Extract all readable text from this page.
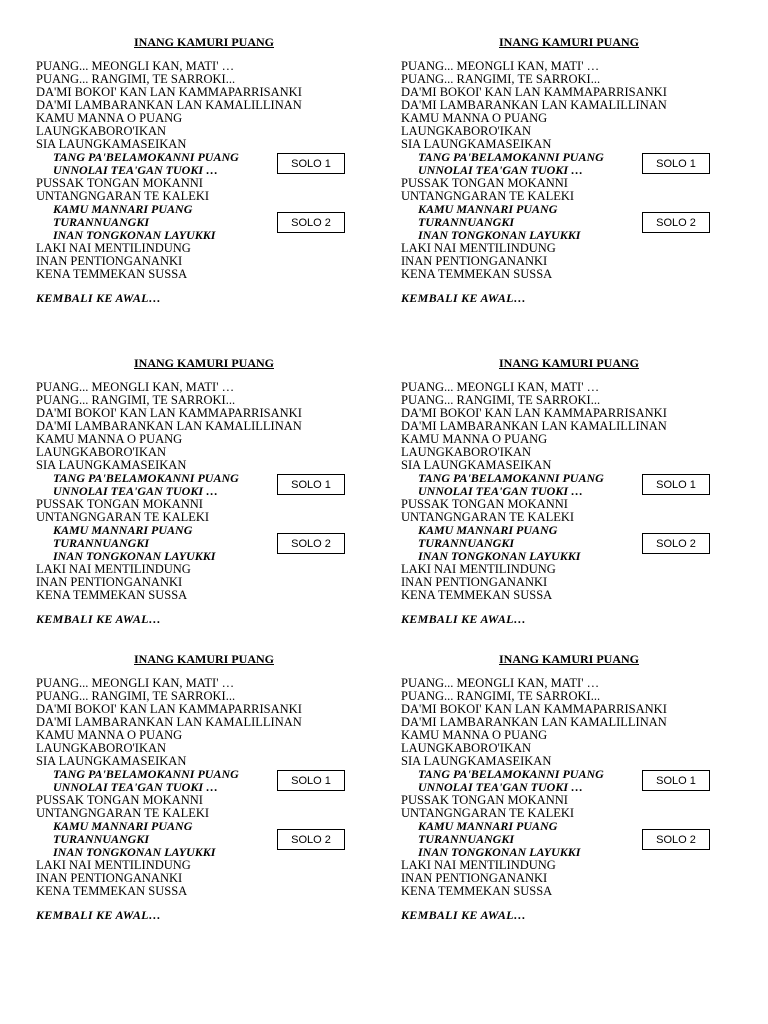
INANG KAMURI PUANG
PUANG... MEONGLI KAN, MATI' …
PUANG... RANGIMI, TE SARROKI...
DA'MI BOKOI' KAN LAN KAMMAPARRISANKI
DA'MI LAMBARANKAN LAN KAMALILLINAN
KAMU MANNA O PUANG
LAUNGKABORO'IKAN
SIA LAUNGKAMASEIKAN
TANG PA'BELAMOKANNI PUANG
UNNOLAI TEA'GAN TUOKI …
PUSSAK TONGAN MOKANNI
UNTANGNGARAN TE KALEKI
KAMU MANNARI PUANG
TURANNUANGKI
INAN TONGKONAN LAYUKKI
LAKI NAI MENTILINDUNG
INAN PENTIONGANANKI
KENA TEMMEKAN SUSSA
SOLO 1
SOLO 2
KEMBALI KE AWAL…
INANG KAMURI PUANG
PUANG... MEONGLI KAN, MATI' …
PUANG... RANGIMI, TE SARROKI...
DA'MI BOKOI' KAN LAN KAMMAPARRISANKI
DA'MI LAMBARANKAN LAN KAMALILLINAN
KAMU MANNA O PUANG
LAUNGKABORO'IKAN
SIA LAUNGKAMASEIKAN
TANG PA'BELAMOKANNI PUANG
UNNOLAI TEA'GAN TUOKI …
PUSSAK TONGAN MOKANNI
UNTANGNGARAN TE KALEKI
KAMU MANNARI PUANG
TURANNUANGKI
INAN TONGKONAN LAYUKKI
LAKI NAI MENTILINDUNG
INAN PENTIONGANANKI
KENA TEMMEKAN SUSSA
SOLO 1
SOLO 2
KEMBALI KE AWAL…
INANG KAMURI PUANG
PUANG... MEONGLI KAN, MATI' …
PUANG... RANGIMI, TE SARROKI...
DA'MI BOKOI' KAN LAN KAMMAPARRISANKI
DA'MI LAMBARANKAN LAN KAMALILLINAN
KAMU MANNA O PUANG
LAUNGKABORO'IKAN
SIA LAUNGKAMASEIKAN
TANG PA'BELAMOKANNI PUANG
UNNOLAI TEA'GAN TUOKI …
PUSSAK TONGAN MOKANNI
UNTANGNGARAN TE KALEKI
KAMU MANNARI PUANG
TURANNUANGKI
INAN TONGKONAN LAYUKKI
LAKI NAI MENTILINDUNG
INAN PENTIONGANANKI
KENA TEMMEKAN SUSSA
SOLO 1
SOLO 2
KEMBALI KE AWAL…
INANG KAMURI PUANG
PUANG... MEONGLI KAN, MATI' …
PUANG... RANGIMI, TE SARROKI...
DA'MI BOKOI' KAN LAN KAMMAPARRISANKI
DA'MI LAMBARANKAN LAN KAMALILLINAN
KAMU MANNA O PUANG
LAUNGKABORO'IKAN
SIA LAUNGKAMASEIKAN
TANG PA'BELAMOKANNI PUANG
UNNOLAI TEA'GAN TUOKI …
PUSSAK TONGAN MOKANNI
UNTANGNGARAN TE KALEKI
KAMU MANNARI PUANG
TURANNUANGKI
INAN TONGKONAN LAYUKKI
LAKI NAI MENTILINDUNG
INAN PENTIONGANANKI
KENA TEMMEKAN SUSSA
SOLO 1
SOLO 2
KEMBALI KE AWAL…
INANG KAMURI PUANG
PUANG... MEONGLI KAN, MATI' …
PUANG... RANGIMI, TE SARROKI...
DA'MI BOKOI' KAN LAN KAMMAPARRISANKI
DA'MI LAMBARANKAN LAN KAMALILLINAN
KAMU MANNA O PUANG
LAUNGKABORO'IKAN
SIA LAUNGKAMASEIKAN
TANG PA'BELAMOKANNI PUANG
UNNOLAI TEA'GAN TUOKI …
PUSSAK TONGAN MOKANNI
UNTANGNGARAN TE KALEKI
KAMU MANNARI PUANG
TURANNUANGKI
INAN TONGKONAN LAYUKKI
LAKI NAI MENTILINDUNG
INAN PENTIONGANANKI
KENA TEMMEKAN SUSSA
SOLO 1
SOLO 2
KEMBALI KE AWAL…
INANG KAMURI PUANG
PUANG... MEONGLI KAN, MATI' …
PUANG... RANGIMI, TE SARROKI...
DA'MI BOKOI' KAN LAN KAMMAPARRISANKI
DA'MI LAMBARANKAN LAN KAMALILLINAN
KAMU MANNA O PUANG
LAUNGKABORO'IKAN
SIA LAUNGKAMASEIKAN
TANG PA'BELAMOKANNI PUANG
UNNOLAI TEA'GAN TUOKI …
PUSSAK TONGAN MOKANNI
UNTANGNGARAN TE KALEKI
KAMU MANNARI PUANG
TURANNUANGKI
INAN TONGKONAN LAYUKKI
LAKI NAI MENTILINDUNG
INAN PENTIONGANANKI
KENA TEMMEKAN SUSSA
SOLO 1
SOLO 2
KEMBALI KE AWAL…
